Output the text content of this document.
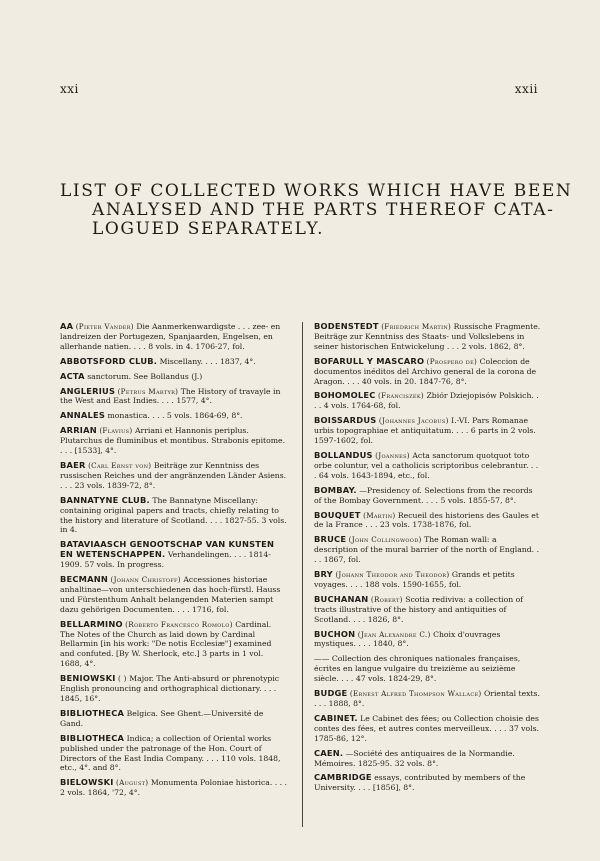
xxi	xxii
LIST OF COLLECTED WORKS WHICH HAVE BEEN
ANALYSED AND THE PARTS THEREOF CATA-
LOGUED SEPARATELY.
AA (Pieter Vander) Die Aanmerkenwardigste . . . zee- en landreizen der Portugezen, Spanjaarden, Engelsen, en allerhande natien. . . . 8 vols. in 4. 1706-27, fol.
ABBOTSFORD CLUB. Miscellany. . . . 1837, 4°.
ACTA sanctorum. See Bollandus (J.)
ANGLERIUS (Petrus Martyr) The History of travayle in the West and East Indies. . . . 1577, 4°.
ANNALES monastica. . . . 5 vols. 1864-69, 8°.
ARRIAN (Flavius) Arriani et Hannonis periplus. Plutarchus de fluminibus et montibus. Strabonis epitome. . . . [1533], 4°.
BAER (Carl Ernst von) Beiträge zur Kenntniss des russischen Reiches und der angränzenden Länder Asiens. . . . 23 vols. 1839-72, 8°.
BANNATYNE CLUB. The Bannatyne Miscellany: containing original papers and tracts, chiefly relating to the history and literature of Scotland. . . . 1827-55. 3 vols. in 4.
BATAVIAASCH GENOOTSCHAP VAN KUNSTEN EN WETENSCHAPPEN. Verhandelingen. . . . 1814-1909. 57 vols. In progress.
BECMANN (Johann Christoff) Accessiones historiae anhaltinae—von unterschiedenen das hoch-fürstl. Hauss und Fürstenthum Anhalt belangenden Materien sampt dazu gehörigen Documenten. . . . 1716, fol.
BELLARMINO (Roberto Francesco Romolo) Cardinal. The Notes of the Church as laid down by Cardinal Bellarmin [in his work: "De notis Ecclesiæ"] examined and confuted. [By W. Sherlock, etc.] 3 parts in 1 vol. 1688, 4°.
BENIOWSKI ( ) Major. The Anti-absurd or phrenotypic English pronouncing and orthographical dictionary. . . . 1845, 16°.
BIBLIOTHECA Belgica. See Ghent.—Université de Gand.
BIBLIOTHECA Indica; a collection of Oriental works published under the patronage of the Hon. Court of Directors of the East India Company. . . . 110 vols. 1848, etc., 4°. and 8°.
BIELOWSKI (August) Monumenta Poloniae historica. . . . 2 vols. 1864, '72, 4°.
BODENSTEDT (Friedrich Martin) Russische Fragmente. Beiträge zur Kenntniss des Staats- und Volkslebens in seiner historischen Entwickelung . . . 2 vols. 1862, 8°.
BOFARULL Y MASCARO (Prospero de) Coleccion de documentos inéditos del Archivo general de la corona de Aragon. . . . 40 vols. in 20. 1847-76, 8°.
BOHOMOLEC (Franciszek) Zbiór Dziejopisów Polskich. . . . 4 vols. 1764-68, fol.
BOISSARDUS (Johannes Jacobus) I.-VI. Pars Romanae urbis topographiae et antiquitatum. . . . 6 parts in 2 vols. 1597-1602, fol.
BOLLANDUS (Joannes) Acta sanctorum quotquot toto orbe coluntur, vel a catholicis scriptoribus celebrantur. . . . 64 vols. 1643-1894, etc., fol.
BOMBAY. —Presidency of. Selections from the records of the Bombay Government. . . . 5 vols. 1855-57, 8°.
BOUQUET (Martin) Recueil des historiens des Gaules et de la France . . . 23 vols. 1738-1876, fol.
BRUCE (John Collingwood) The Roman wall: a description of the mural barrier of the north of England. . . . 1867, fol.
BRY (Johann Theodor and Theodor) Grands et petits voyages. . . . 188 vols. 1590-1655, fol.
BUCHANAN (Robert) Scotia rediviva: a collection of tracts illustrative of the history and antiquities of Scotland. . . . 1826, 8°.
BUCHON (Jean Alexandre C.) Choix d'ouvrages mystiques. . . . 1840, 8°.
—— Collection des chroniques nationales françaises, écrites en langue vulgaire du treizième au seizième siècle. . . . 47 vols. 1824-29, 8°.
BUDGE (Ernest Alfred Thompson Wallace) Oriental texts. . . . 1888, 8°.
CABINET. Le Cabinet des fées; ou Collection choisie des contes des fées, et autres contes merveilleux. . . . 37 vols. 1785-86, 12°.
CAEN. —Société des antiquaires de la Normandie. Mémoires. 1825-95. 32 vols. 8°.
CAMBRIDGE essays, contributed by members of the University. . . . [1856], 8°.
